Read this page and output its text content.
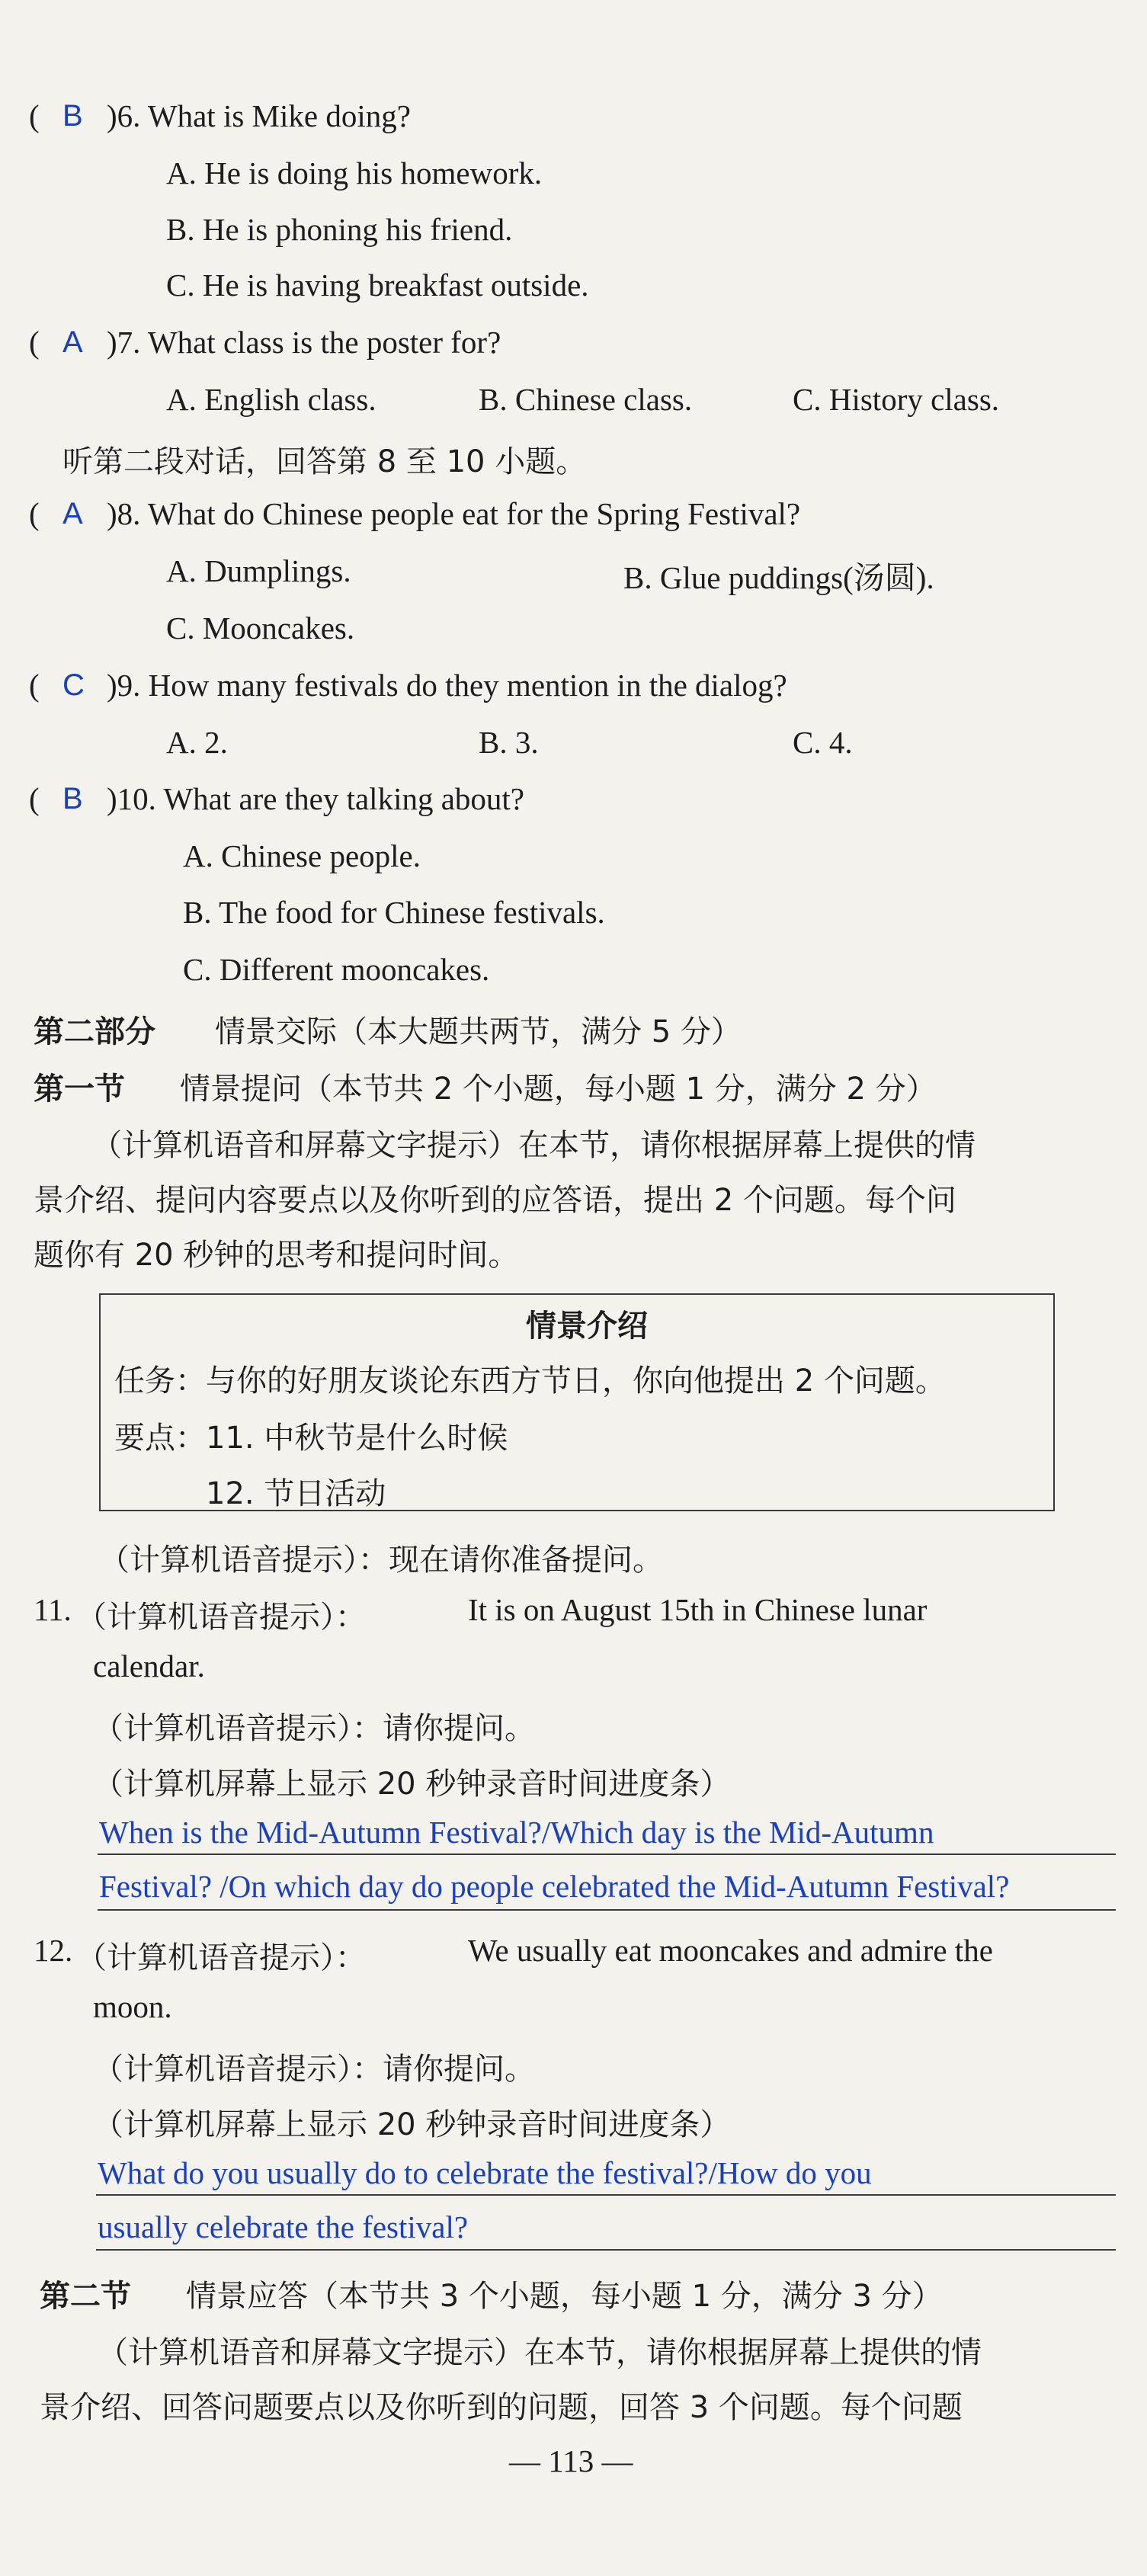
( B )6. What is Mike doing?
A. He is doing his homework.
B. He is phoning his friend.
C. He is having breakfast outside.
( A )7. What class is the poster for?
A. English class.	B. Chinese class.	C. History class.
听第二段对话，回答第 8 至 10 小题。
( A )8. What do Chinese people eat for the Spring Festival?
A. Dumplings.	B. Glue puddings(汤圆).
C. Mooncakes.
( C )9. How many festivals do they mention in the dialog?
A. 2.	B. 3.	C. 4.
( B )10. What are they talking about?
A. Chinese people.
B. The food for Chinese festivals.
C. Different mooncakes.
第二部分 情景交际（本大题共两节，满分 5 分）
第一节 情景提问（本节共 2 个小题，每小题 1 分，满分 2 分）
（计算机语音和屏幕文字提示）在本节，请你根据屏幕上提供的情
景介绍、提问内容要点以及你听到的应答语，提出 2 个问题。每个问
题你有 20 秒钟的思考和提问时间。
情景介绍
任务：与你的好朋友谈论东西方节日，你向他提出 2 个问题。
要点： 11. 中秋节是什么时候
12. 节日活动
（计算机语音提示）：现在请你准备提问。
11. （计算机语音提示）：	It is on August 15th in Chinese lunar
calendar.
（计算机语音提示）：请你提问。
（计算机屏幕上显示 20 秒钟录音时间进度条）
When is the Mid-Autumn Festival?/Which day is the Mid-Autumn
Festival? /On which day do people celebrated the Mid-Autumn Festival?
12. （计算机语音提示）：	We usually eat mooncakes and admire the
moon.
（计算机语音提示）：请你提问。
（计算机屏幕上显示 20 秒钟录音时间进度条）
What do you usually do to celebrate the festival?/How do you
usually celebrate the festival?
第二节 情景应答（本节共 3 个小题，每小题 1 分，满分 3 分）
（计算机语音和屏幕文字提示）在本节，请你根据屏幕上提供的情
景介绍、回答问题要点以及你听到的问题，回答 3 个问题。每个问题
— 113 —
